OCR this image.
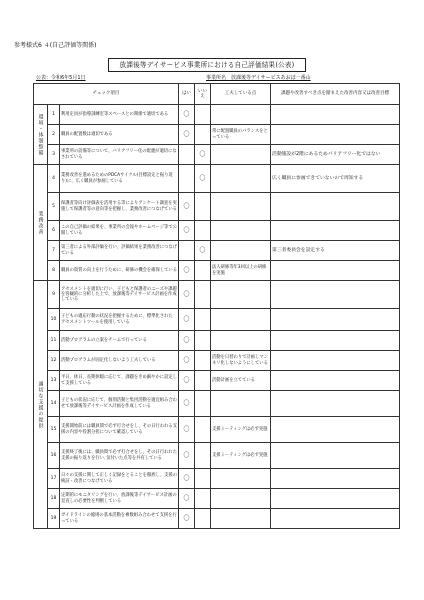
参考様式6 ４(自己評価等関係)
放課後等デイサービス事業所における自己評価結果(公表)
公表：令和6年5月1日	事業所名　放課後等デイサービスあおば一番山
チェック項目			はい	いいえ	工夫している点	課題や改善すべき点を踏まえた改善内容又は改善目標

環境・体制整備	1	利用定員が指導訓練室等スペースとの関係で適切である	〇			
	2	職員の配置数は適切である	〇		常に配置職員のバランスをとっている	
	3	事業所の設備等について、バリアフリー化の配慮が適切になされている		〇		活動施設が2階にあるためバリアフリー化ではない

業務改善	4	業務改善を進めるためのPDCAサイクル(目標設定と振り返り)に、広く職員が参画している		〇		広く職員に参画できていないので周知する
	5	保護者等向け評価表を活用する等によりアンケート調査を実施して保護者等の意向等を把握し、業務改善につなげている	〇			
	6	この自己評価の結果を、事業所の会報やホームページ等で公開している	〇			
	7	第三者による外部評価を行い、評価結果を業務改善につなげている		〇		第三者委員会を設定する
	8	職員の資質の向上を行うために、研修の機会を確保している	〇		法人研修等年3回以上の研修を実施	

適切な支援の提供	9	アセスメントを適切に行い、子どもと保護者のニーズや課題を客観的に分析した上で、放課後等デイサービス計画を作成している	〇			
	10	子どもの適応行動の状況を把握するために、標準化された アセスメントツールを使用している	〇			
	11	活動プログラムの立案をチームで行っている	〇			
	12	活動プログラムが固定化しないよう工夫している	〇		活動を日替わりで計画しマンネリ化しないようにしている	
	13	平日、休日、長期休暇に応じて、課題をきめ細やかに設定して支援している	〇		活動計画を立てている	
	14	子どもの状況に応じて、個別活動と集団活動を適宜組み合わせて放課後等デイサービス計画を作成している	〇			
	15	支援開始前には職員間で必ず打合せをし、その日行われる支援の内容や役割分担について確認している	〇		支援ミーティングは必ず実施	
	16	支援終了後には、職員間で必ず打合せをし、その日行われた支援の振り返りを行い､気付いた点等を共有している	〇		支援ミーティングは必ず実施	
	17	日々の支援に関して正しく記録をとることを徹底し、支援の検証・改善につなげている	〇			
	18	定期的にモニタリングを行い、放課後等デイサービス計画の見直しの必要性を判断している	〇			
	19	ガイドラインの総則の基本活動を複数組み合わせて支援を行っている	〇			
